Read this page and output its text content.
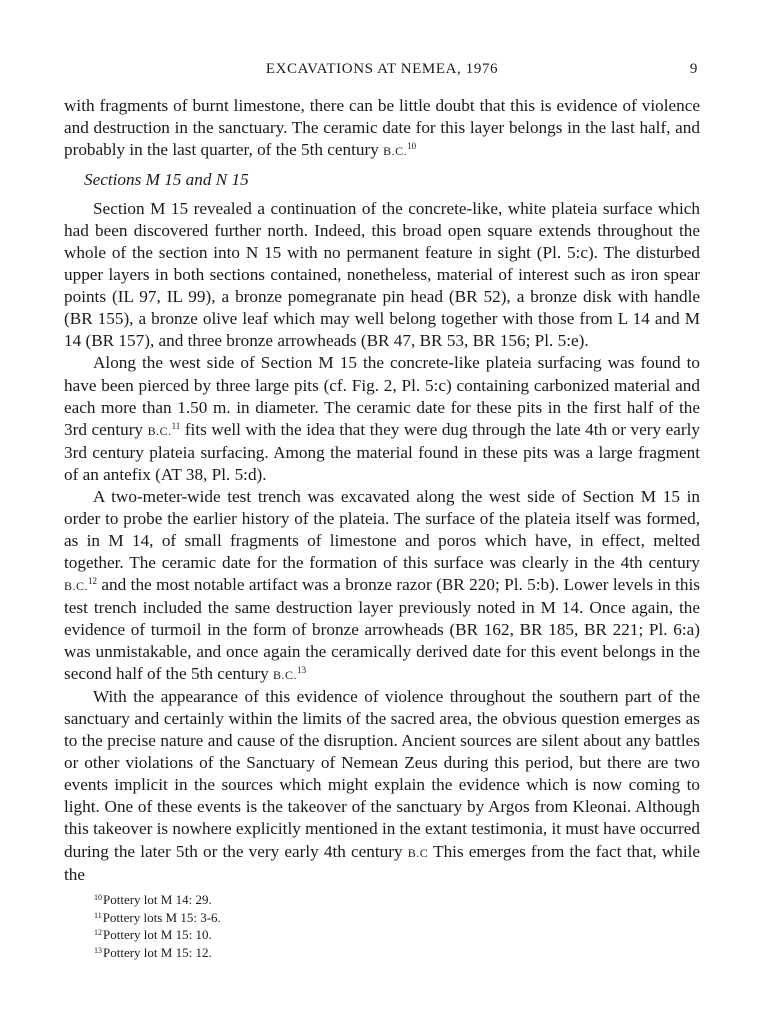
EXCAVATIONS AT NEMEA, 1976	9

with fragments of burnt limestone, there can be little doubt that this is evidence of violence and destruction in the sanctuary. The ceramic date for this layer belongs in the last half, and probably in the last quarter, of the 5th century B.C.$^{10}$

Sections M 15 and N 15

Section M 15 revealed a continuation of the concrete-like, white plateia surface which had been discovered further north. Indeed, this broad open square extends throughout the whole of the section into N 15 with no permanent feature in sight (Pl. 5:c). The disturbed upper layers in both sections contained, nonetheless, material of interest such as iron spear points (IL 97, IL 99), a bronze pomegranate pin head (BR 52), a bronze disk with handle (BR 155), a bronze olive leaf which may well belong together with those from L 14 and M 14 (BR 157), and three bronze arrowheads (BR 47, BR 53, BR 156; Pl. 5:e).

Along the west side of Section M 15 the concrete-like plateia surfacing was found to have been pierced by three large pits (cf. Fig. 2, Pl. 5:c) containing carbonized material and each more than 1.50 m. in diameter. The ceramic date for these pits in the first half of the 3rd century B.C.$^{11}$ fits well with the idea that they were dug through the late 4th or very early 3rd century plateia surfacing. Among the material found in these pits was a large fragment of an antefix (AT 38, Pl. 5:d).

A two-meter-wide test trench was excavated along the west side of Section M 15 in order to probe the earlier history of the plateia. The surface of the plateia itself was formed, as in M 14, of small fragments of limestone and poros which have, in effect, melted together. The ceramic date for the formation of this surface was clearly in the 4th century B.C.$^{12}$ and the most notable artifact was a bronze razor (BR 220; Pl. 5:b). Lower levels in this test trench included the same destruction layer previously noted in M 14. Once again, the evidence of turmoil in the form of bronze arrowheads (BR 162, BR 185, BR 221; Pl. 6:a) was unmistakable, and once again the ceramically derived date for this event belongs in the second half of the 5th century B.C.$^{13}$

With the appearance of this evidence of violence throughout the southern part of the sanctuary and certainly within the limits of the sacred area, the obvious question emerges as to the precise nature and cause of the disruption. Ancient sources are silent about any battles or other violations of the Sanctuary of Nemean Zeus during this period, but there are two events implicit in the sources which might explain the evidence which is now coming to light. One of these events is the takeover of the sanctuary by Argos from Kleonai. Although this takeover is nowhere explicitly mentioned in the extant testimonia, it must have occurred during the later 5th or the very early 4th century B.C This emerges from the fact that, while the

$^{10}$Pottery lot M 14: 29.
$^{11}$Pottery lots M 15: 3-6.
$^{12}$Pottery lot M 15: 10.
$^{13}$Pottery lot M 15: 12.
